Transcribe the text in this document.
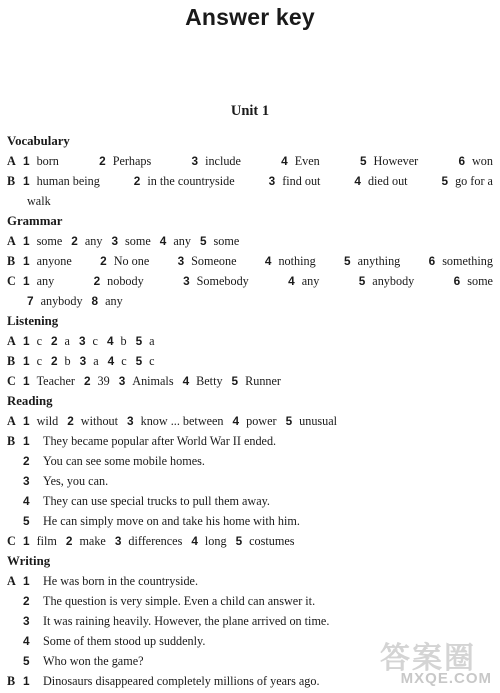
Answer key
Unit 1
Vocabulary
A 1 born	2 Perhaps	3 include	4 Even	5 However	6 won
B 1 human being	2 in the countryside	3 find out	4 died out	5 go for a
walk
Grammar
A 1 some 2 any 3 some 4 any 5 some
B 1 anyone 2 No one 3 Someone 4 nothing 5 anything 6 something
C 1 any	2 nobody	3 Somebody	4 any	5 anybody	6 some
7 anybody 8 any
Listening
A 1 c 2 a 3 c 4 b 5 a
B 1 c 2 b 3 a 4 c 5 c
C 1 Teacher 2 39 3 Animals 4 Betty 5 Runner
Reading
A 1 wild 2 without 3 know ... between 4 power 5 unusual
B 1	They became popular after World War II ended.
2	You can see some mobile homes.
3	Yes, you can.
4	They can use special trucks to pull them away.
5	He can simply move on and take his home with him.
C 1 film 2 make 3 differences 4 long 5 costumes
Writing
A 1	He was born in the countryside.
2	The question is very simple. Even a child can answer it.
3	It was raining heavily. However, the plane arrived on time.
4	Some of them stood up suddenly.
5	Who won the game?
B 1	Dinosaurs disappeared completely millions of years ago.
答案圈
MXQE.COM
